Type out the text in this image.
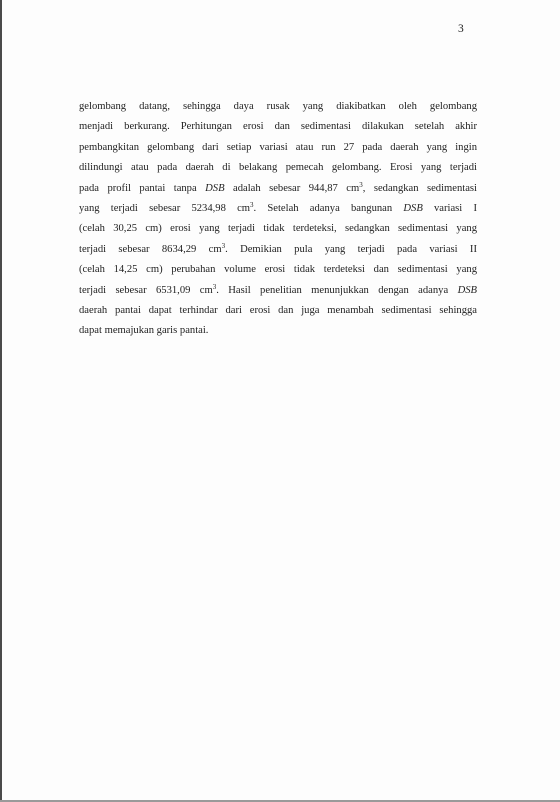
3

gelombang datang, sehingga daya rusak yang diakibatkan oleh gelombang
menjadi berkurang. Perhitungan erosi dan sedimentasi dilakukan setelah akhir
pembangkitan gelombang dari setiap variasi atau run 27 pada daerah yang ingin
dilindungi atau pada daerah di belakang pemecah gelombang. Erosi yang terjadi
pada profil pantai tanpa DSB adalah sebesar 944,87 $cm^3$, sedangkan sedimentasi
yang terjadi sebesar 5234,98 $cm^3$. Setelah adanya bangunan DSB variasi I
(celah 30,25 cm) erosi yang terjadi tidak terdeteksi, sedangkan sedimentasi yang
terjadi sebesar 8634,29 $cm^3$. Demikian pula yang terjadi pada variasi II
(celah 14,25 cm) perubahan volume erosi tidak terdeteksi dan sedimentasi yang
terjadi sebesar 6531,09 $cm^3$. Hasil penelitian menunjukkan dengan adanya DSB
daerah pantai dapat terhindar dari erosi dan juga menambah sedimentasi sehingga
dapat memajukan garis pantai.
